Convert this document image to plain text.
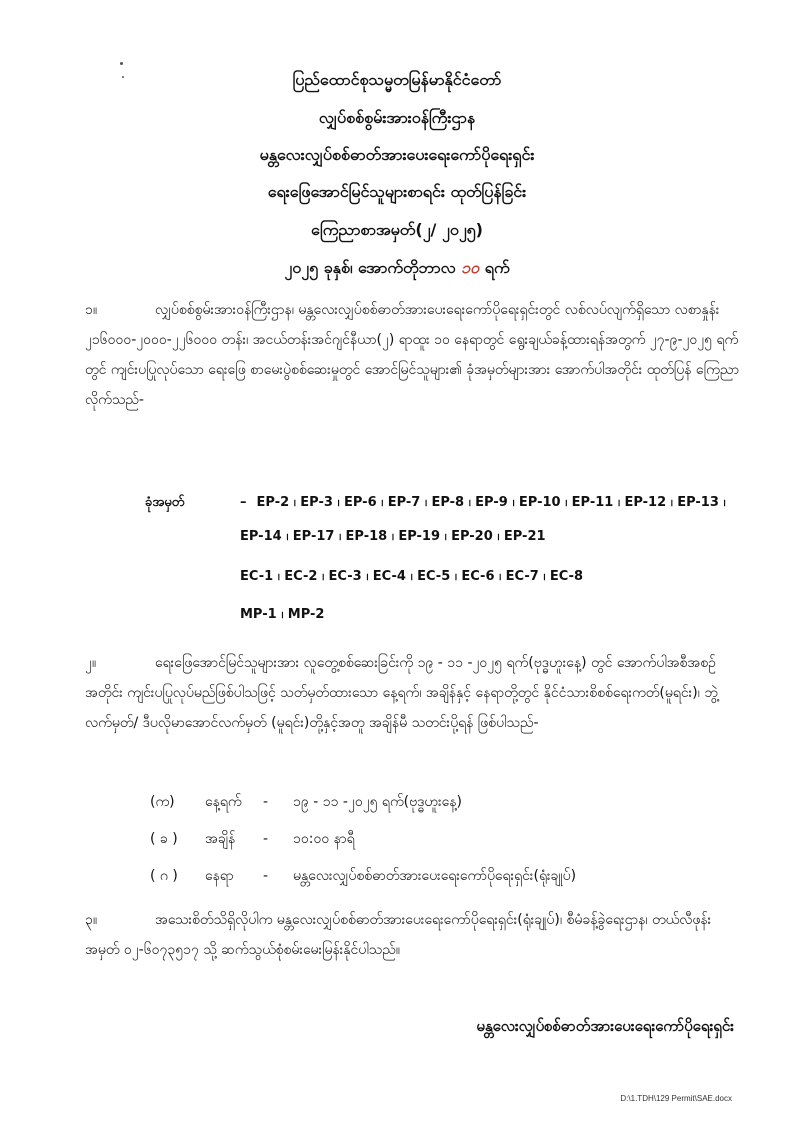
ပြည်ထောင်စုသမ္မတမြန်မာနိုင်ငံတော်
လျှပ်စစ်စွမ်းအားဝန်ကြီးဌာန
မန္တလေးလျှပ်စစ်ဓာတ်အားပေးရေးကော်ပိုရေးရှင်း
ရေးဖြေအောင်မြင်သူများစာရင်း ထုတ်ပြန်ခြင်း
ကြေညာစာအမှတ်(၂/ ၂၀၂၅)
၂၀၂၅ ခုနှစ်၊ အောက်တိုဘာလ ၁၀ ရက်
၁။	လျှပ်စစ်စွမ်းအားဝန်ကြီးဌာန၊ မန္တလေးလျှပ်စစ်ဓာတ်အားပေးရေးကော်ပိုရေးရှင်းတွင် လစ်လပ်လျက်ရှိသော လစာနှုန်း ၂၁၆၀၀၀-၂၀၀၀-၂၂၆၀၀၀ တန်း၊ အငယ်တန်းအင်ဂျင်နီယာ(၂) ရာထူး ၁၀ နေရာတွင် ရွေးချယ်ခန့်ထားရန်အတွက် ၂၇-၉-၂၀၂၅ ရက်တွင် ကျင်းပပြုလုပ်သော ရေးဖြေ စာမေးပွဲစစ်ဆေးမှုတွင် အောင်မြင်သူများ၏ ခုံအမှတ်များအား အောက်ပါအတိုင်း ထုတ်ပြန် ကြေညာလိုက်သည်-
ခုံအမှတ်	– EP-2 ၊ EP-3 ၊ EP-6 ၊ EP-7 ၊ EP-8 ၊ EP-9 ၊ EP-10 ၊ EP-11 ၊ EP-12 ၊ EP-13 ၊
EP-14 ၊ EP-17 ၊ EP-18 ၊ EP-19 ၊ EP-20 ၊ EP-21
EC-1 ၊ EC-2 ၊ EC-3 ၊ EC-4 ၊ EC-5 ၊ EC-6 ၊ EC-7 ၊ EC-8
MP-1 ၊ MP-2
၂။	ရေးဖြေအောင်မြင်သူများအား လူတွေ့စစ်ဆေးခြင်းကို ၁၉ - ၁၁ -၂၀၂၅ ရက်(ဗုဒ္ဓဟူးနေ့) တွင် အောက်ပါအစီအစဉ်အတိုင်း ကျင်းပပြုလုပ်မည်ဖြစ်ပါသဖြင့် သတ်မှတ်ထားသော နေ့ရက်၊ အချိန်နှင့် နေရာတို့တွင် နိုင်ငံသားစိစစ်ရေးကတ်(မူရင်း)၊ ဘွဲ့လက်မှတ်/ ဒီပလိုမာအောင်လက်မှတ် (မူရင်း)တို့နှင့်အတူ အချိန်မီ သတင်းပို့ရန် ဖြစ်ပါသည်-
(က) နေ့ရက် - ၁၉ - ၁၁ -၂၀၂၅ ရက်(ဗုဒ္ဓဟူးနေ့)
( ခ ) အချိန် - ၁၀:၀၀ နာရီ
( ဂ ) နေရာ - မန္တလေးလျှပ်စစ်ဓာတ်အားပေးရေးကော်ပိုရေးရှင်း(ရုံးချုပ်)
၃။	အသေးစိတ်သိရှိလိုပါက မန္တလေးလျှပ်စစ်ဓာတ်အားပေးရေးကော်ပိုရေးရှင်း(ရုံးချုပ်)၊ စီမံခန့်ခွဲရေးဌာန၊ တယ်လီဖုန်းအမှတ် ၀၂-၆၀၇၃၅၁၇ သို့ ဆက်သွယ်စုံစမ်းမေးမြန်းနိုင်ပါသည်။
မန္တလေးလျှပ်စစ်ဓာတ်အားပေးရေးကော်ပိုရေးရှင်း
D:\1.TDH\129 Permit\SAE.docx
